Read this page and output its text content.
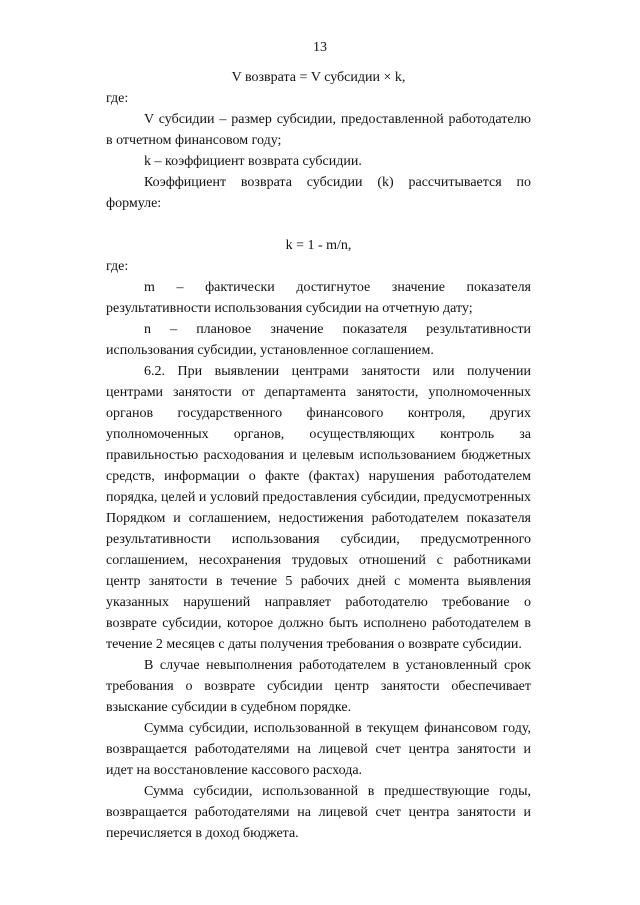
13

V возврата = V субсидии × k,

где:

V субсидии – размер субсидии, предоставленной работодателю в отчетном финансовом году;

k – коэффициент возврата субсидии.

Коэффициент возврата субсидии (k) рассчитывается по формуле:

k = 1 - m/n,

где:

m – фактически достигнутое значение показателя результативности использования субсидии на отчетную дату;

n – плановое значение показателя результативности использования субсидии, установленное соглашением.

6.2. При выявлении центрами занятости или получении центрами занятости от департамента занятости, уполномоченных органов государственного финансового контроля, других уполномоченных органов, осуществляющих контроль за правильностью расходования и целевым использованием бюджетных средств, информации о факте (фактах) нарушения работодателем порядка, целей и условий предоставления субсидии, предусмотренных Порядком и соглашением, недостижения работодателем показателя результативности использования субсидии, предусмотренного соглашением, несохранения трудовых отношений с работниками центр занятости в течение 5 рабочих дней с момента выявления указанных нарушений направляет работодателю требование о возврате субсидии, которое должно быть исполнено работодателем в течение 2 месяцев с даты получения требования о возврате субсидии.

В случае невыполнения работодателем в установленный срок требования о возврате субсидии центр занятости обеспечивает взыскание субсидии в судебном порядке.

Сумма субсидии, использованной в текущем финансовом году, возвращается работодателями на лицевой счет центра занятости и идет на восстановление кассового расхода.

Сумма субсидии, использованной в предшествующие годы, возвращается работодателями на лицевой счет центра занятости и перечисляется в доход бюджета.
